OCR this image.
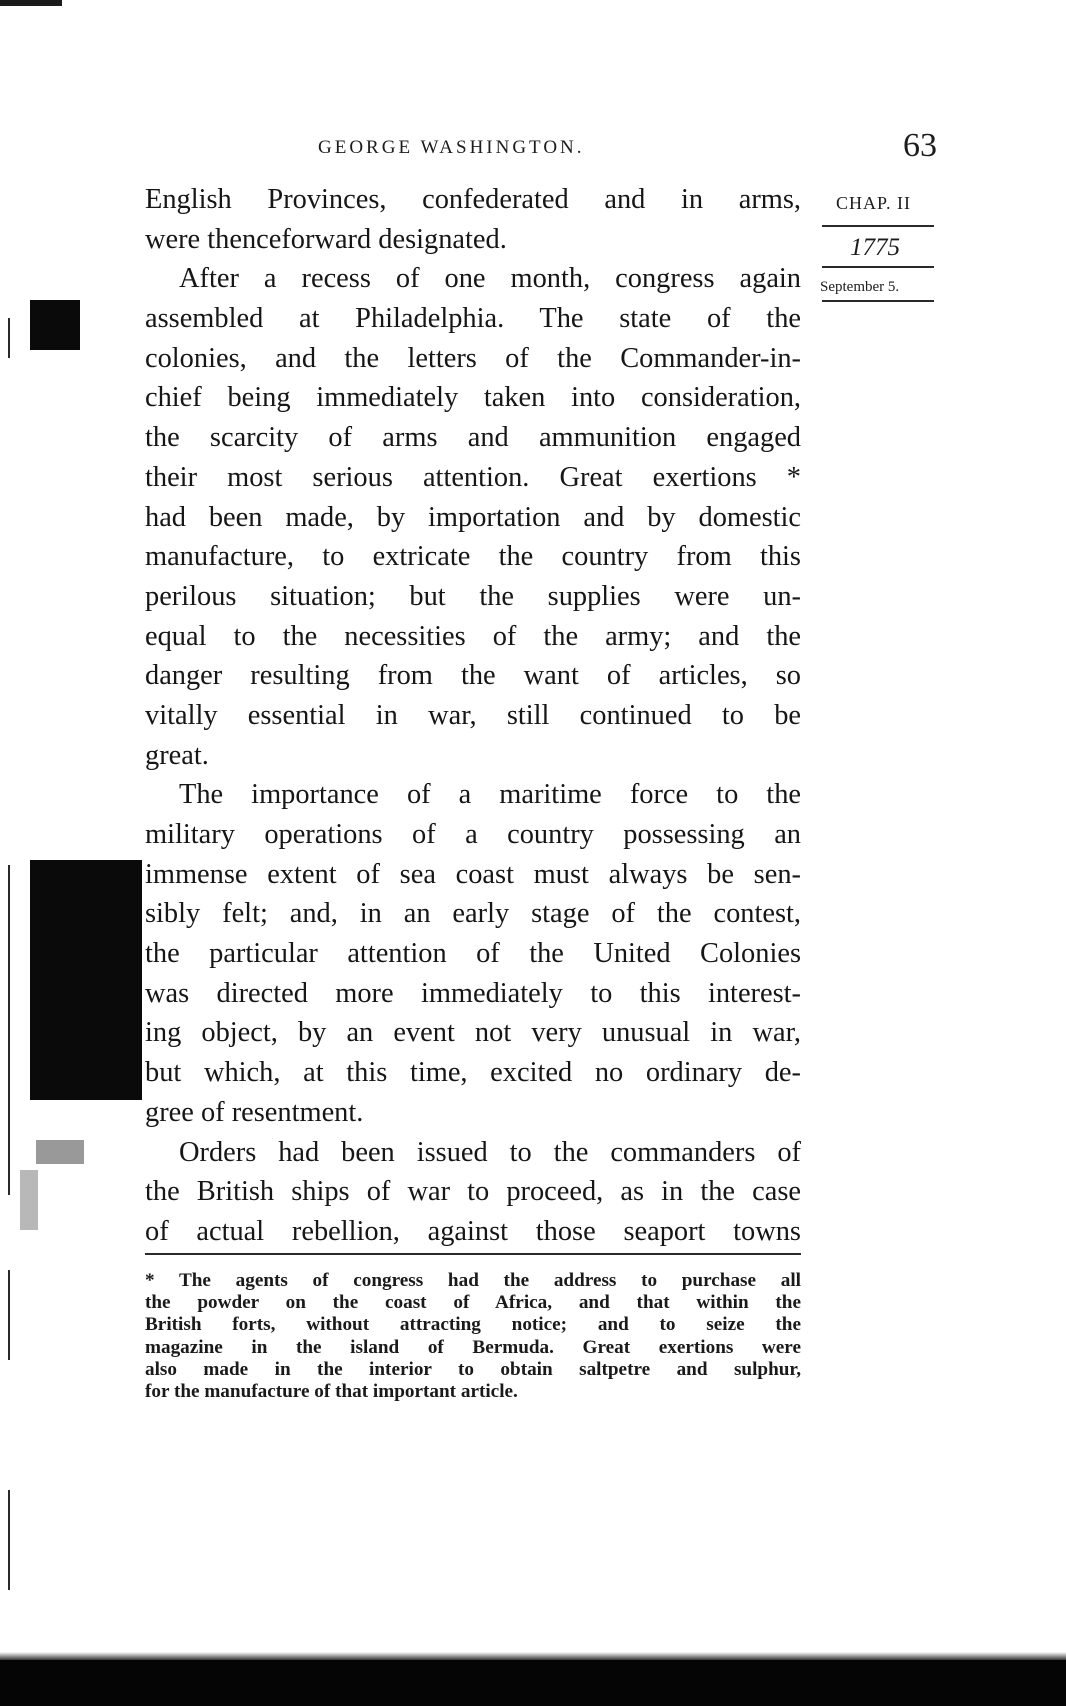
GEORGE WASHINGTON.	63
CHAP. II
1775
September 5.
English Provinces, confederated and in arms,
were thenceforward designated.
After a recess of one month, congress again
assembled at Philadelphia. The state of the
colonies, and the letters of the Commander-in-
chief being immediately taken into consideration,
the scarcity of arms and ammunition engaged
their most serious attention. Great exertions *
had been made, by importation and by domestic
manufacture, to extricate the country from this
perilous situation; but the supplies were un-
equal to the necessities of the army; and the
danger resulting from the want of articles, so
vitally essential in war, still continued to be
great.
The importance of a maritime force to the
military operations of a country possessing an
immense extent of sea coast must always be sen-
sibly felt; and, in an early stage of the contest,
the particular attention of the United Colonies
was directed more immediately to this interest-
ing object, by an event not very unusual in war,
but which, at this time, excited no ordinary de-
gree of resentment.
Orders had been issued to the commanders of
the British ships of war to proceed, as in the case
of actual rebellion, against those seaport towns
* The agents of congress had the address to purchase all
the powder on the coast of Africa, and that within the
British forts, without attracting notice; and to seize the
magazine in the island of Bermuda. Great exertions were
also made in the interior to obtain saltpetre and sulphur,
for the manufacture of that important article.
